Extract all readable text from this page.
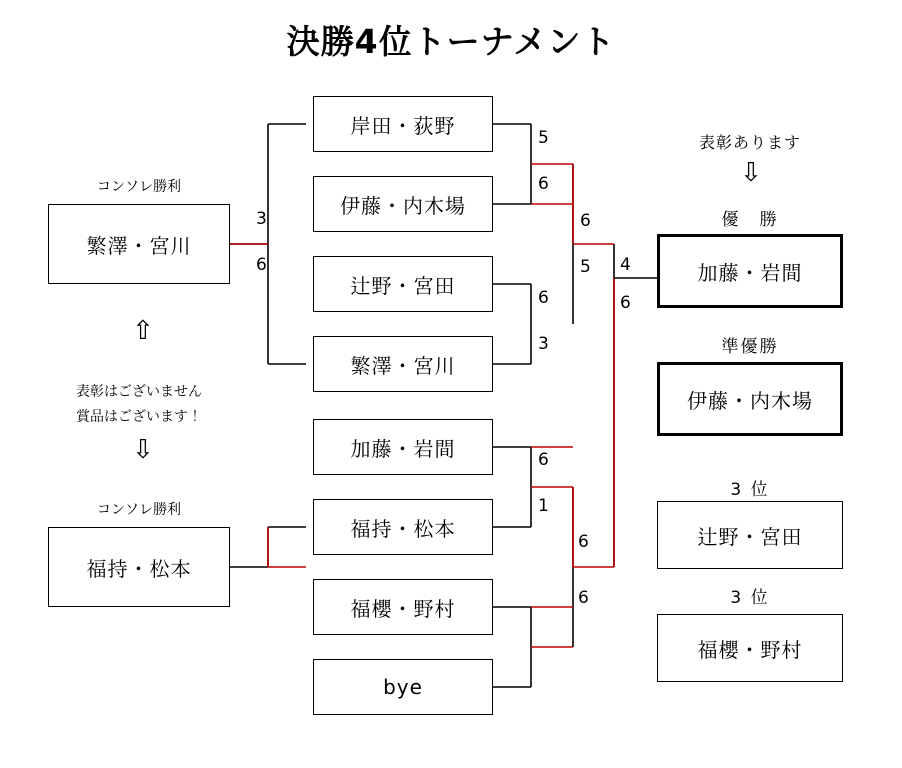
決勝4位トーナメント
コンソレ勝利
繁澤・宮川
⇧
表彰はございません
賞品はございます！
⇩
コンソレ勝利
福持・松本
岸田・荻野
伊藤・内木場
辻野・宮田
繁澤・宮川
加藤・岩間
福持・松本
福櫻・野村
bye
3
6
5
6
6
3
6
1
6
6
5
6
4
6
表彰あります
⇩
優　勝
加藤・岩間
準優勝
伊藤・内木場
3 位
辻野・宮田
3 位
福櫻・野村
